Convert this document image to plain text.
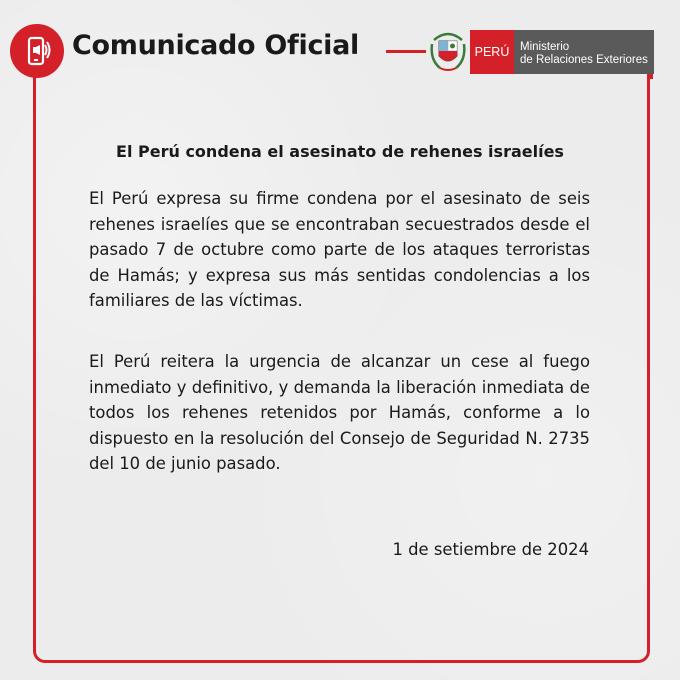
Comunicado Oficial	PERÚ Ministerio
de Relaciones Exteriores
El Perú condena el asesinato de rehenes israelíes
El Perú expresa su firme condena por el asesinato de seis rehenes israelíes que se encontraban secuestrados desde el pasado 7 de octubre como parte de los ataques terroristas de Hamás; y expresa sus más sentidas condolencias a los familiares de las víctimas.
El Perú reitera la urgencia de alcanzar un cese al fuego inmediato y definitivo, y demanda la liberación inmediata de todos los rehenes retenidos por Hamás, conforme a lo dispuesto en la resolución del Consejo de Seguridad N. 2735 del 10 de junio pasado.
1 de setiembre de 2024
